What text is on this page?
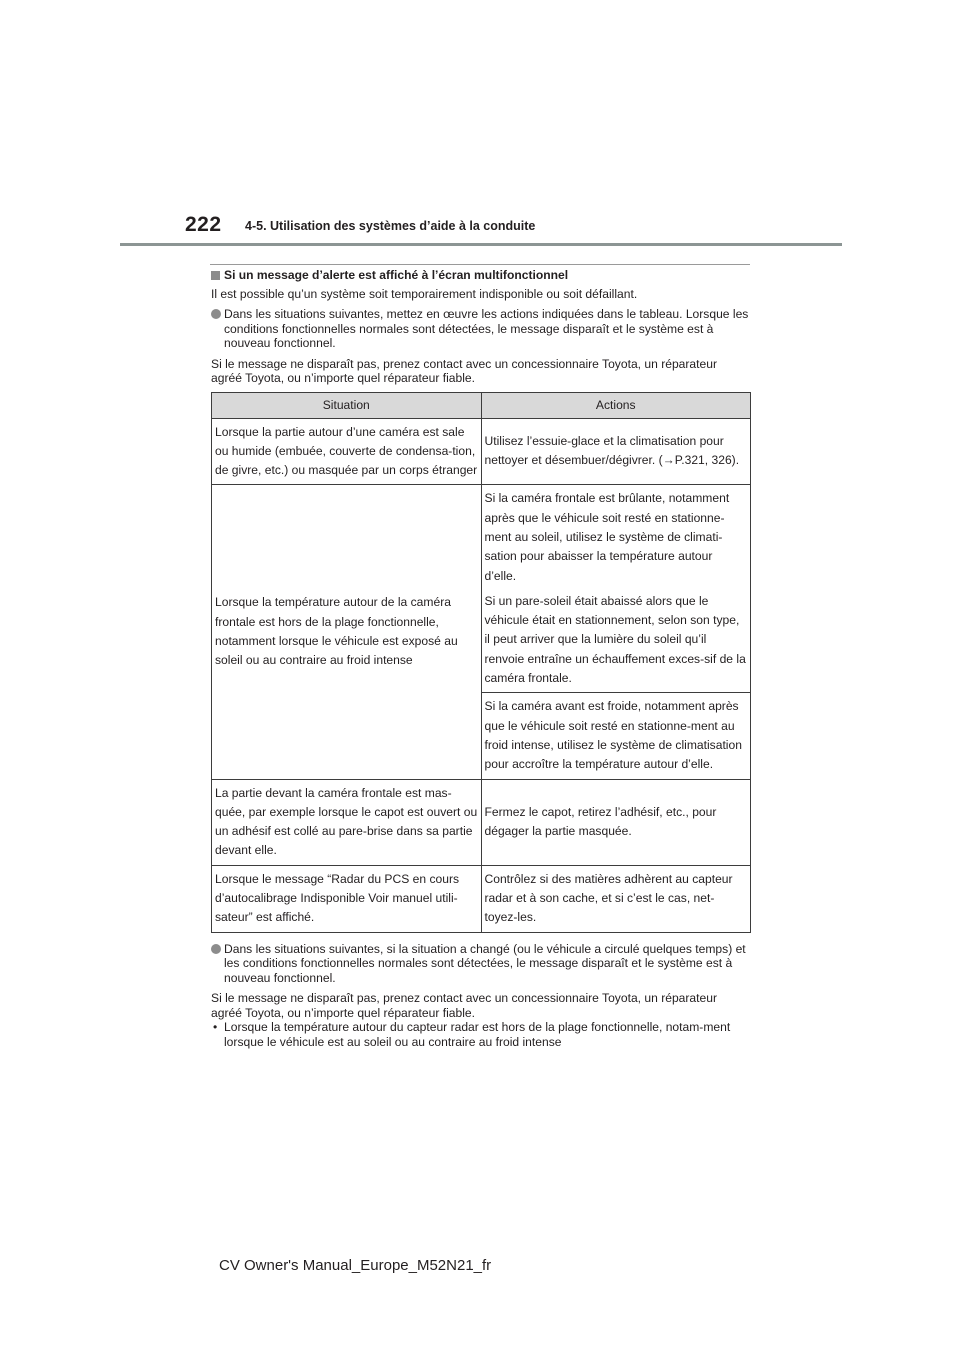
222 4-5. Utilisation des systèmes d’aide à la conduite

Si un message d’alerte est affiché à l’écran multifonctionnel

Il est possible qu’un système soit temporairement indisponible ou soit défaillant.

Dans les situations suivantes, mettez en œuvre les actions indiquées dans le tableau. Lorsque les conditions fonctionnelles normales sont détectées, le message disparaît et le système est à nouveau fonctionnel.

Si le message ne disparaît pas, prenez contact avec un concessionnaire Toyota, un réparateur agréé Toyota, ou n’importe quel réparateur fiable.

Situation	Actions
Lorsque la partie autour d’une caméra est sale ou humide (embuée, couverte de condensa-tion, de givre, etc.) ou masquée par un corps étranger	Utilisez l’essuie-glace et la climatisation pour nettoyer et désembuer/dégivrer. (→P.321, 326).
Lorsque la température autour de la caméra frontale est hors de la plage fonctionnelle, notamment lorsque le véhicule est exposé au soleil ou au contraire au froid intense	Si la caméra frontale est brûlante, notamment après que le véhicule soit resté en stationne-ment au soleil, utilisez le système de climati-sation pour abaisser la température autour d’elle.

Si un pare-soleil était abaissé alors que le véhicule était en stationnement, selon son type, il peut arriver que la lumière du soleil qu’il renvoie entraîne un échauffement exces-sif de la caméra frontale.

Si la caméra avant est froide, notamment après que le véhicule soit resté en stationne-ment au froid intense, utilisez le système de climatisation pour accroître la température autour d’elle.

La partie devant la caméra frontale est mas-quée, par exemple lorsque le capot est ouvert ou un adhésif est collé au pare-brise dans sa partie devant elle.	Fermez le capot, retirez l’adhésif, etc., pour dégager la partie masquée.
Lorsque le message “Radar du PCS en cours d’autocalibrage Indisponible Voir manuel utili-sateur” est affiché.	Contrôlez si des matières adhèrent au capteur radar et à son cache, et si c’est le cas, net-toyez-les.

Dans les situations suivantes, si la situation a changé (ou le véhicule a circulé quelques temps) et les conditions fonctionnelles normales sont détectées, le message disparaît et le système est à nouveau fonctionnel.

Si le message ne disparaît pas, prenez contact avec un concessionnaire Toyota, un réparateur agréé Toyota, ou n’importe quel réparateur fiable.

• Lorsque la température autour du capteur radar est hors de la plage fonctionnelle, notam-ment lorsque le véhicule est au soleil ou au contraire au froid intense

CV Owner's Manual_Europe_M52N21_fr
